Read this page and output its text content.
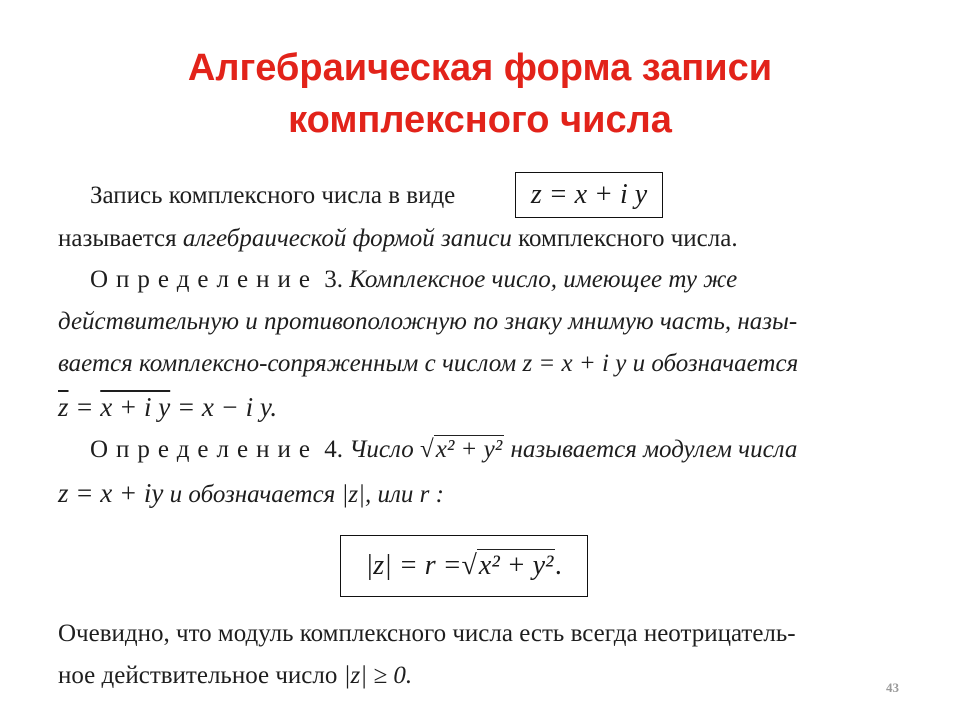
Алгебраическая форма записи
комплексного числа
Запись комплексного числа в виде	z = x + i y
называется алгебраической формой записи комплексного числа.
Определение 3. Комплексное число, имеющее ту же
действительную и противоположную по знаку мнимую часть, назы-
вается комплексно-сопряженным с числом z = x + i y и обозначается
$\overline{z} = x + i$ y = x − i y.
Определение 4. Число √x² + y² называется модулем числа
z = x + iy и обозначается |z|, или r :
|z| = r = √x² + y² .
Очевидно, что модуль комплексного числа есть всегда неотрицатель-
ное действительное число |z| ≥ 0.	43
